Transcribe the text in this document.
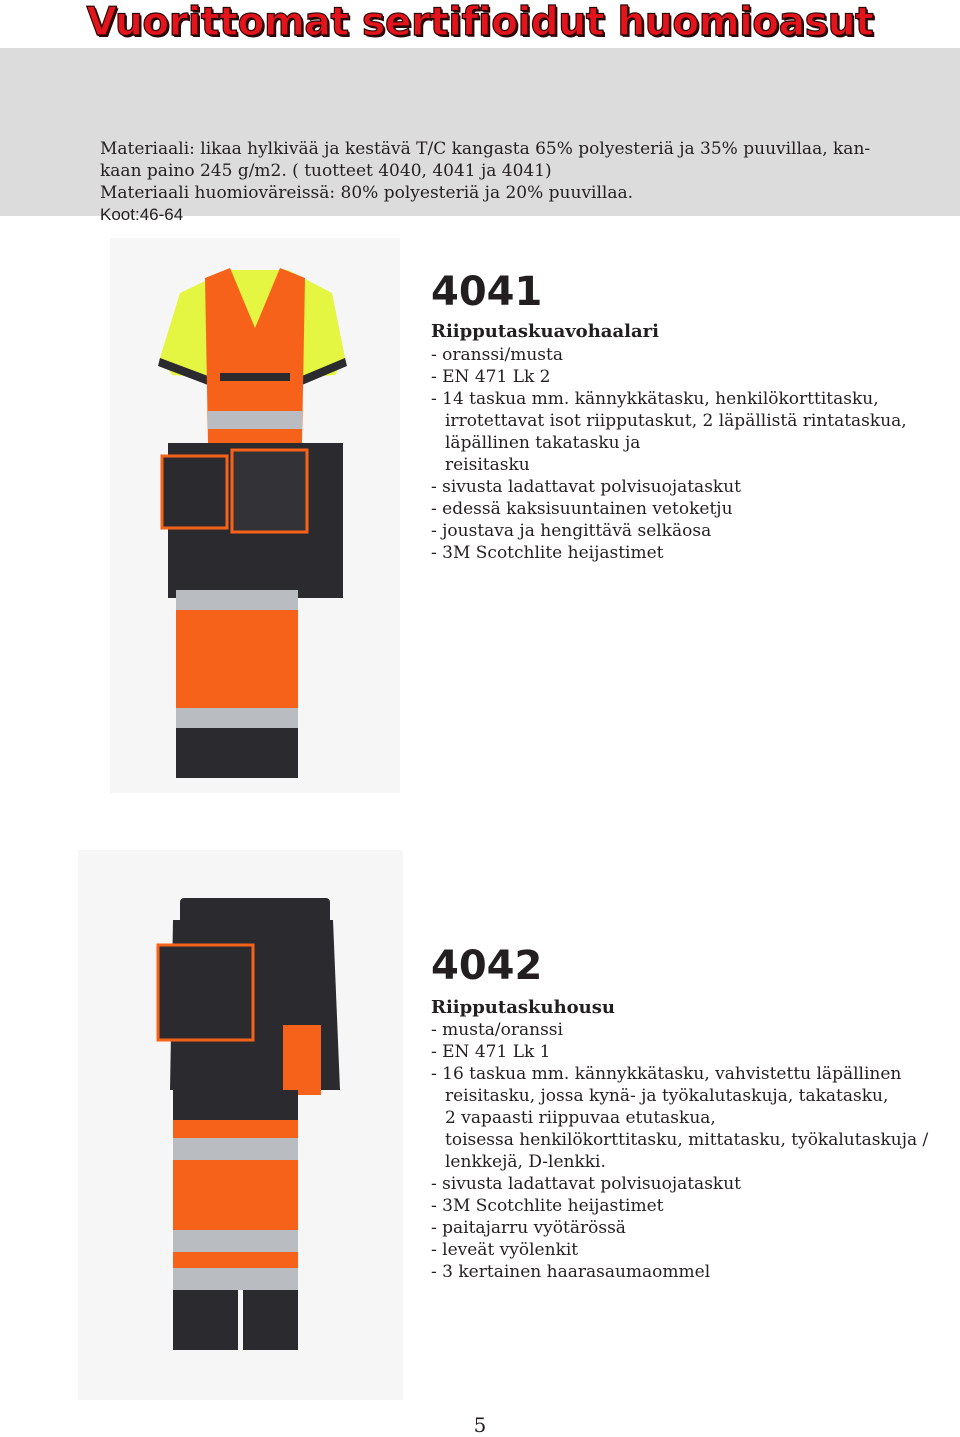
Vuorittomat sertifioidut huomioasut
Materiaali: likaa hylkivää ja kestävä T/C kangasta 65% polyesteriä ja 35% puuvillaa, kan-
kaan paino 245 g/m2. ( tuotteet 4040, 4041 ja 4041)
Materiaali huomioväreissä: 80% polyesteriä ja 20% puuvillaa.
Koot:46-64
4041
Riipputaskuavohaalari
- oranssi/musta
- EN 471 Lk 2
- 14 taskua mm. kännykkätasku, henkilökorttitasku,
irrotettavat isot riipputaskut, 2 läpällistä rintataskua,
läpällinen takatasku ja
reisitasku
- sivusta ladattavat polvisuojataskut
- edessä kaksisuuntainen vetoketju
- joustava ja hengittävä selkäosa
- 3M Scotchlite heijastimet
4042
Riipputaskuhousu
- musta/oranssi
- EN 471 Lk 1
- 16 taskua mm. kännykkätasku, vahvistettu läpällinen
reisitasku, jossa kynä- ja työkalutaskuja, takatasku,
2 vapaasti riippuvaa etutaskua,
toisessa henkilökorttitasku, mittatasku, työkalutaskuja /
lenkkejä, D-lenkki.
- sivusta ladattavat polvisuojataskut
- 3M Scotchlite heijastimet
- paitajarru vyötärössä
- leveät vyölenkit
- 3 kertainen haarasaumaommel
5
